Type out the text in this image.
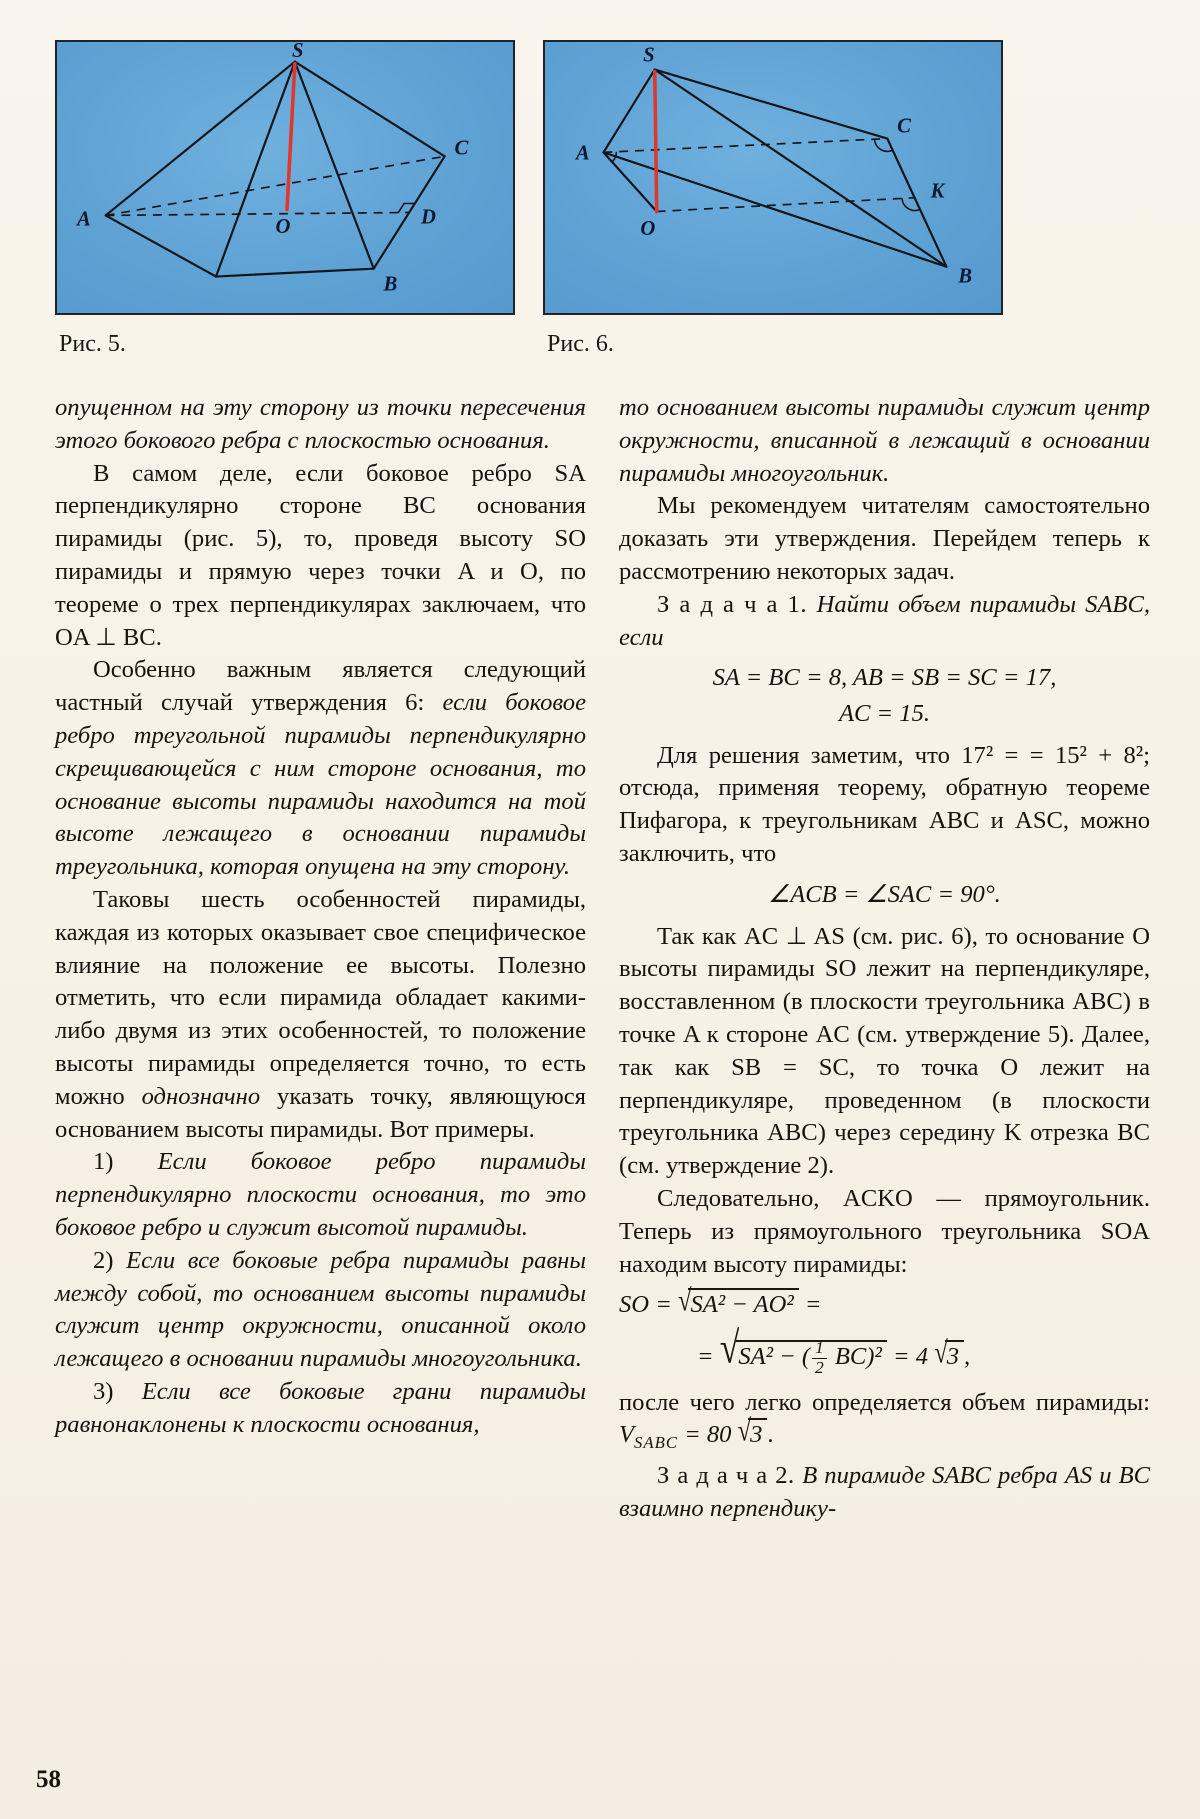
S
A	O
B
C
D
Рис. 5.
S
A
O
C
K
B
Рис. 6.

опущенном на эту сторону из точки пересечения этого бокового ребра с плоскостью основания.

В самом деле, если боковое ребро SA перпендикулярно стороне BC основания пирамиды (рис. 5), то, проведя высоту SO пирамиды и прямую через точки A и O, по теореме о трех перпендикулярах заключаем, что OA ⊥ BC.

Особенно важным является следующий частный случай утверждения 6: если боковое ребро треугольной пирамиды перпендикулярно скрещивающейся с ним стороне основания, то основание высоты пирамиды находится на той высоте лежащего в основании пирамиды треугольника, которая опущена на эту сторону.

Таковы шесть особенностей пирамиды, каждая из которых оказывает свое специфическое влияние на положение ее высоты. Полезно отметить, что если пирамида обладает какими-либо двумя из этих особенностей, то положение высоты пирамиды определяется точно, то есть можно однозначно указать точку, являющуюся основанием высоты пирамиды. Вот примеры.

1) Если боковое ребро пирамиды перпендикулярно плоскости основания, то это боковое ребро и служит высотой пирамиды.

2) Если все боковые ребра пирамиды равны между собой, то основанием высоты пирамиды служит центр окружности, описанной около лежащего в основании пирамиды многоугольника.

3) Если все боковые грани пирамиды равнонаклонены к плоскости основания,

то основанием высоты пирамиды служит центр окружности, вписанной в лежащий в основании пирамиды многоугольник.

Мы рекомендуем читателям самостоятельно доказать эти утверждения. Перейдем теперь к рассмотрению некоторых задач.

З а д а ч а 1. Найти объем пирамиды SABC, если

SA = BC = 8, AB = SB = SC = 17,
AC = 15.

Для решения заметим, что 17² = = 15² + 8²; отсюда, применяя теорему, обратную теореме Пифагора, к треугольникам ABC и ASC, можно заключить, что

∠ACB = ∠SAC = 90°.

Так как AC ⊥ AS (см. рис. 6), то основание O высоты пирамиды SO лежит на перпендикуляре, восставленном (в плоскости треугольника ABC) в точке A к стороне AC (см. утверждение 5). Далее, так как SB = SC, то точка O лежит на перпендикуляре, проведенном (в плоскости треугольника ABC) через середину K отрезка BC (см. утверждение 2).

Следовательно, ACKO — прямоугольник. Теперь из прямоугольного треугольника SOA находим высоту пирамиды:

SO = √SA² − AO² =
= √SA² − ( $\frac{1}{2} BC)^2 = 4$ √3 ,

после чего легко определяется объем пирамиды: $V_{SABC} = 80$ √3 .

З а д а ч а 2. В пирамиде SABC ребра AS и BC взаимно перпендику-

58
